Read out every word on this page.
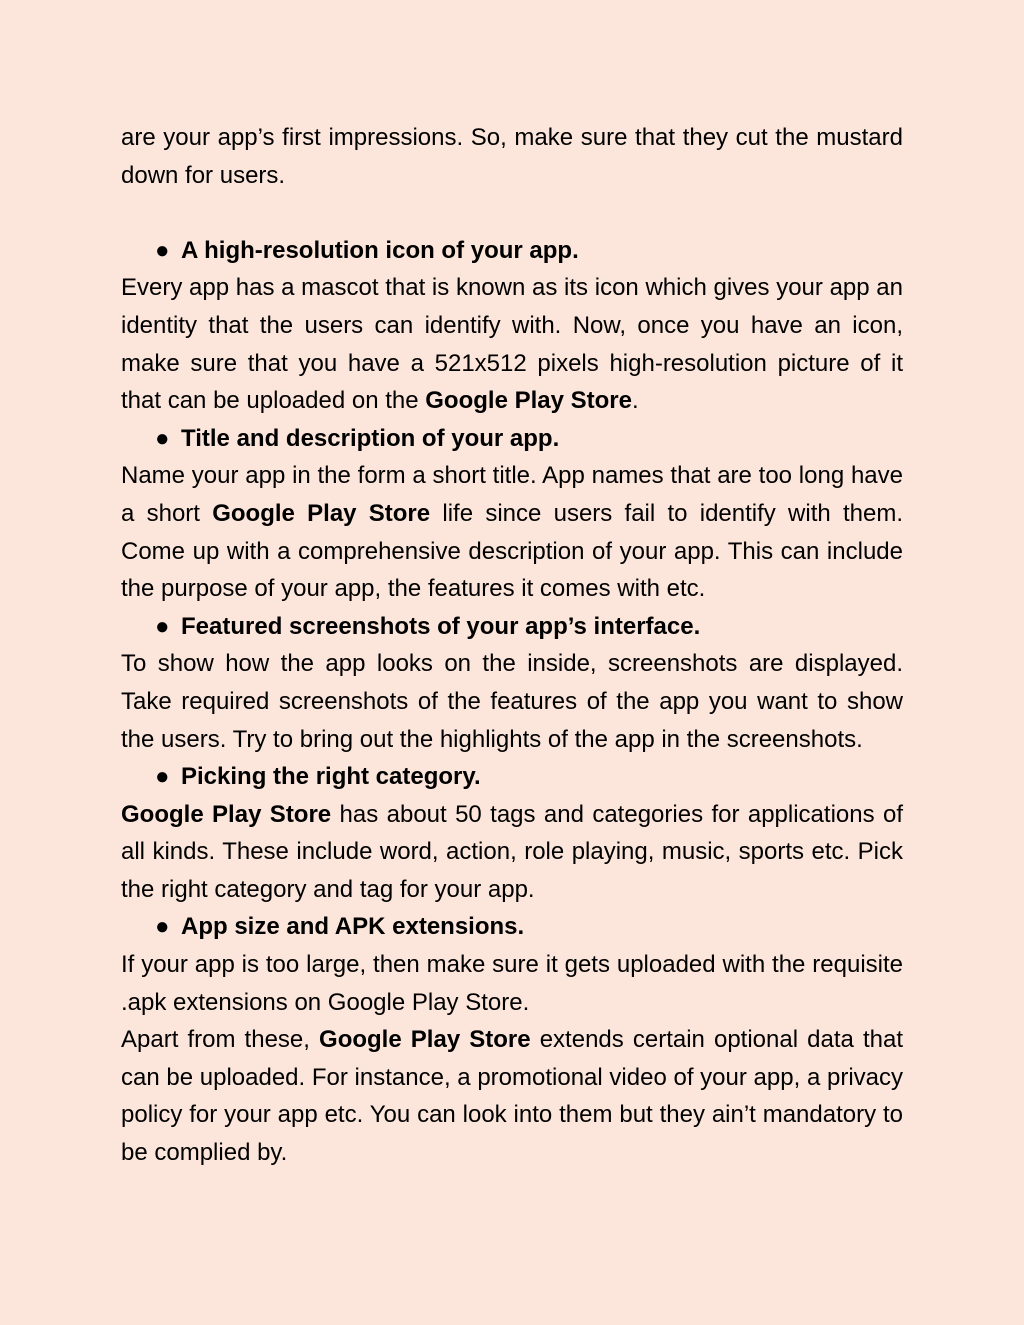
are your app’s first impressions. So, make sure that they cut the mustard down for users.

● A high-resolution icon of your app.

Every app has a mascot that is known as its icon which gives your app an identity that the users can identify with. Now, once you have an icon, make sure that you have a 521x512 pixels high-resolution picture of it that can be uploaded on the Google Play Store.

● Title and description of your app.

Name your app in the form a short title. App names that are too long have a short Google Play Store life since users fail to identify with them. Come up with a comprehensive description of your app. This can include the purpose of your app, the features it comes with etc.

● Featured screenshots of your app’s interface.

To show how the app looks on the inside, screenshots are displayed. Take required screenshots of the features of the app you want to show the users. Try to bring out the highlights of the app in the screenshots.

● Picking the right category.

Google Play Store has about 50 tags and categories for applications of all kinds. These include word, action, role playing, music, sports etc. Pick the right category and tag for your app.

● App size and APK extensions.

If your app is too large, then make sure it gets uploaded with the requisite .apk extensions on Google Play Store.

Apart from these, Google Play Store extends certain optional data that can be uploaded. For instance, a promotional video of your app, a privacy policy for your app etc. You can look into them but they ain’t mandatory to be complied by.
